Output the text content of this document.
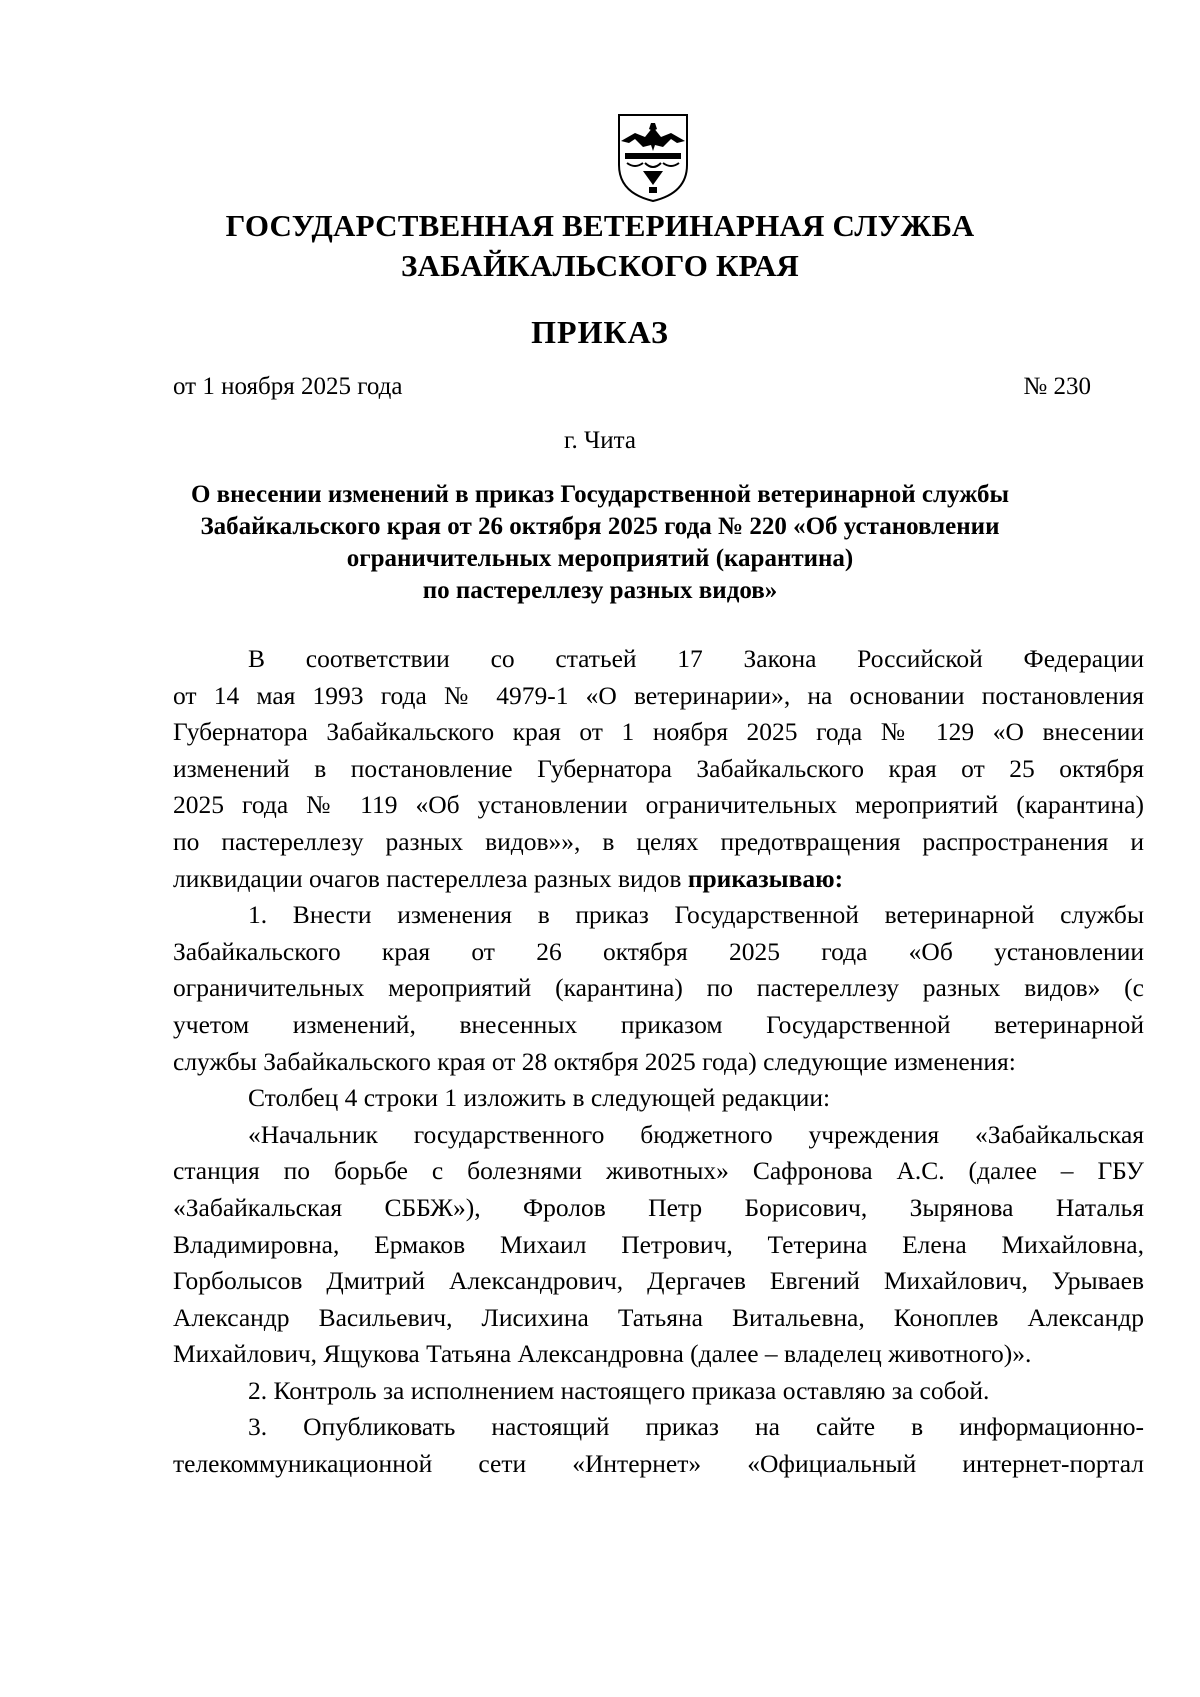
ГОСУДАРСТВЕННАЯ ВЕТЕРИНАРНАЯ СЛУЖБА
ЗАБАЙКАЛЬСКОГО КРАЯ
ПРИКАЗ
от 1 ноября 2025 года	№ 230
г. Чита
О внесении изменений в приказ Государственной ветеринарной службы
Забайкальского края от 26 октября 2025 года № 220 «Об установлении
ограничительных мероприятий (карантина)
по пастереллезу разных видов»
В соответствии со статьей 17 Закона Российской Федерации
от 14 мая 1993 года № 4979-1 «О ветеринарии», на основании постановления
Губернатора Забайкальского края от 1 ноября 2025 года № 129 «О внесении
изменений в постановление Губернатора Забайкальского края от 25 октября
2025 года № 119 «Об установлении ограничительных мероприятий (карантина)
по пастереллезу разных видов»», в целях предотвращения распространения и
ликвидации очагов пастереллеза разных видов приказываю:
1. Внести изменения в приказ Государственной ветеринарной службы
Забайкальского края от 26 октября 2025 года «Об установлении
ограничительных мероприятий (карантина) по пастереллезу разных видов» (с
учетом изменений, внесенных приказом Государственной ветеринарной
службы Забайкальского края от 28 октября 2025 года) следующие изменения:
Столбец 4 строки 1 изложить в следующей редакции:
«Начальник государственного бюджетного учреждения «Забайкальская
станция по борьбе с болезнями животных» Сафронова А.С. (далее – ГБУ
«Забайкальская СББЖ»), Фролов Петр Борисович, Зырянова Наталья
Владимировна, Ермаков Михаил Петрович, Тетерина Елена Михайловна,
Горболысов Дмитрий Александрович, Дергачев Евгений Михайлович, Урываев
Александр Васильевич, Лисихина Татьяна Витальевна, Коноплев Александр
Михайлович, Ящукова Татьяна Александровна (далее – владелец животного)».
2. Контроль за исполнением настоящего приказа оставляю за собой.
3. Опубликовать настоящий приказ на сайте в информационно-
телекоммуникационной сети «Интернет» «Официальный интернет-портал
